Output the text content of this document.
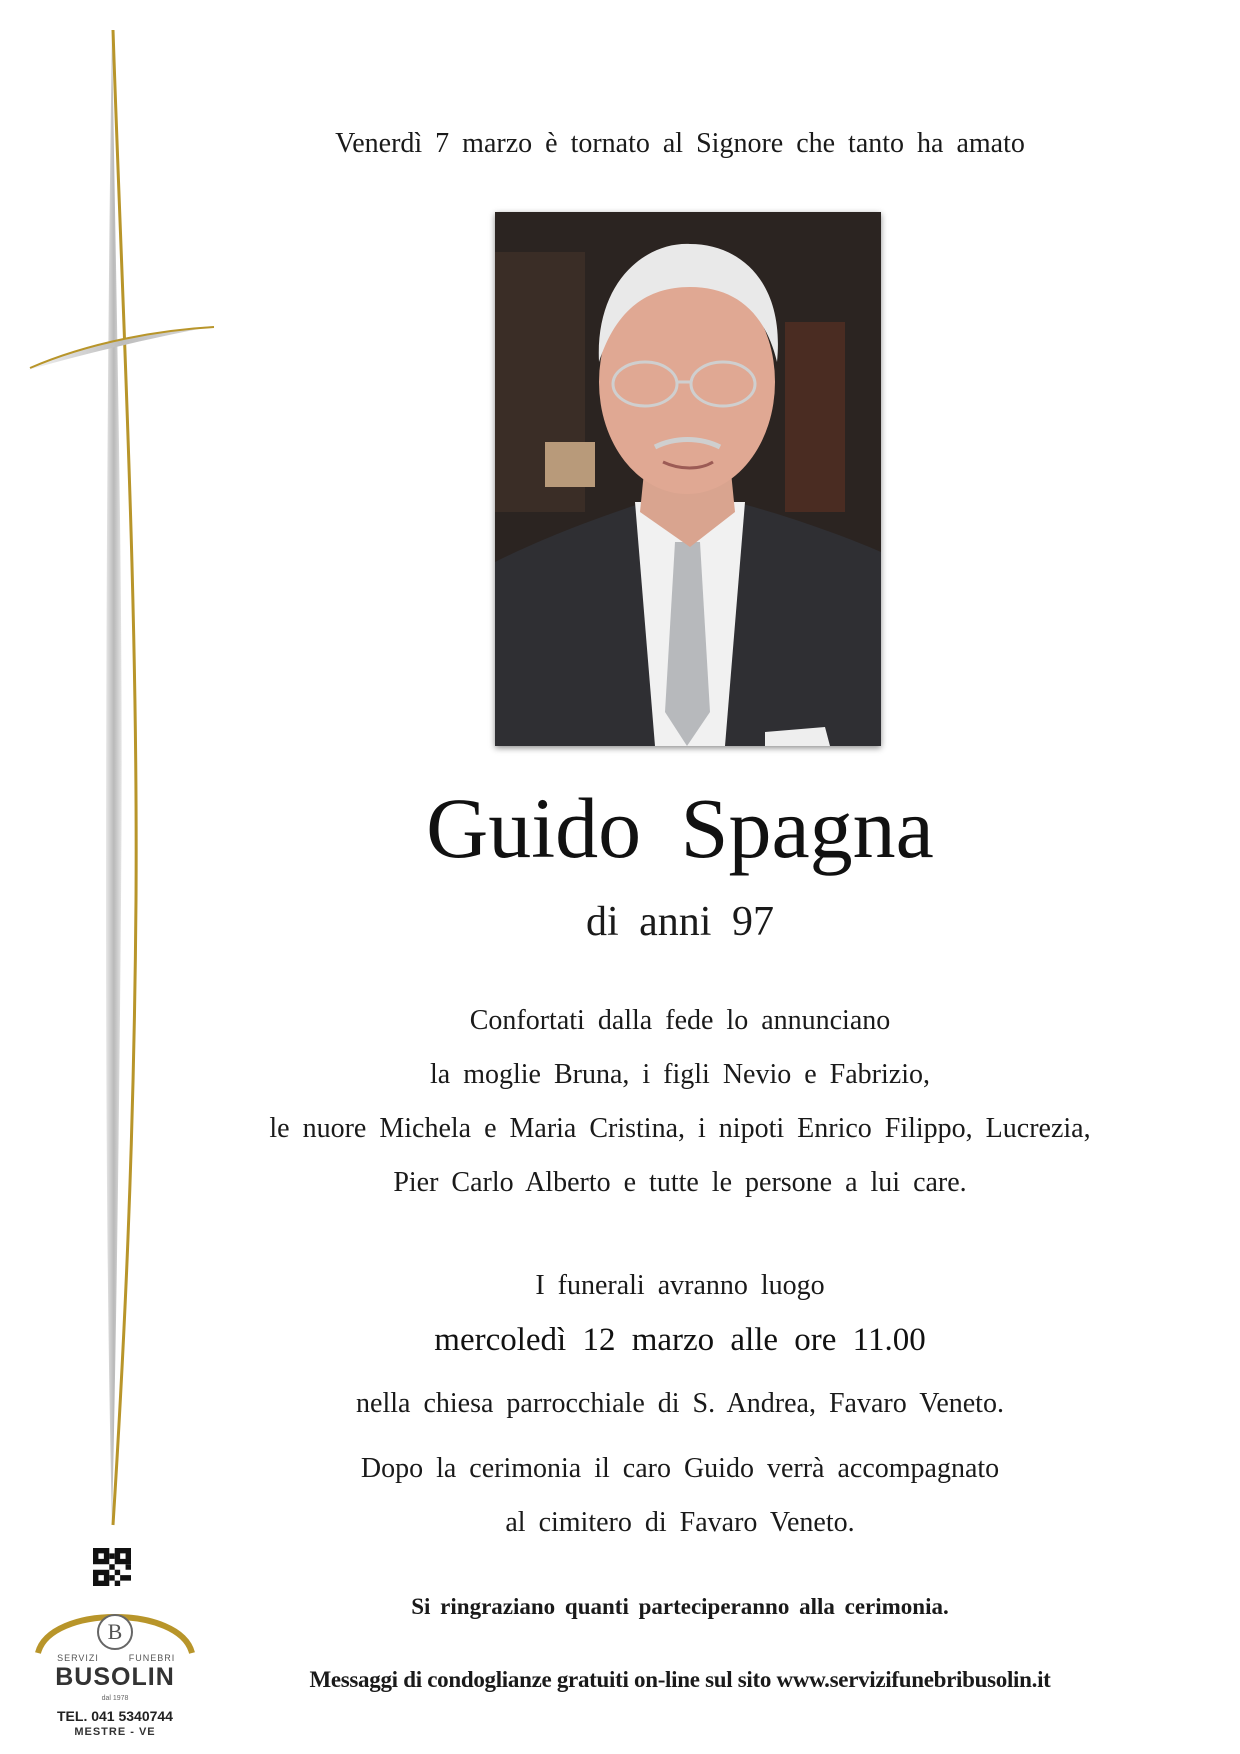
Venerdì 7 marzo è tornato al Signore che tanto ha amato
Guido Spagna
di anni 97
Confortati dalla fede lo annunciano
la moglie Bruna, i figli Nevio e Fabrizio,
le nuore Michela e Maria Cristina, i nipoti Enrico Filippo, Lucrezia,
Pier Carlo Alberto e tutte le persone a lui care.
I funerali avranno luogo
mercoledì 12 marzo alle ore 11.00
nella chiesa parrocchiale di S. Andrea, Favaro Veneto.
Dopo la cerimonia il caro Guido verrà accompagnato
al cimitero di Favaro Veneto.
Si ringraziano quanti parteciperanno alla cerimonia.
Messaggi di condoglianze gratuiti on-line sul sito www.servizifunebribusolin.it
B
SERVIZI	FUNEBRI
BUSOLIN
dal 1978
TEL. 041 5340744
MESTRE - VE
